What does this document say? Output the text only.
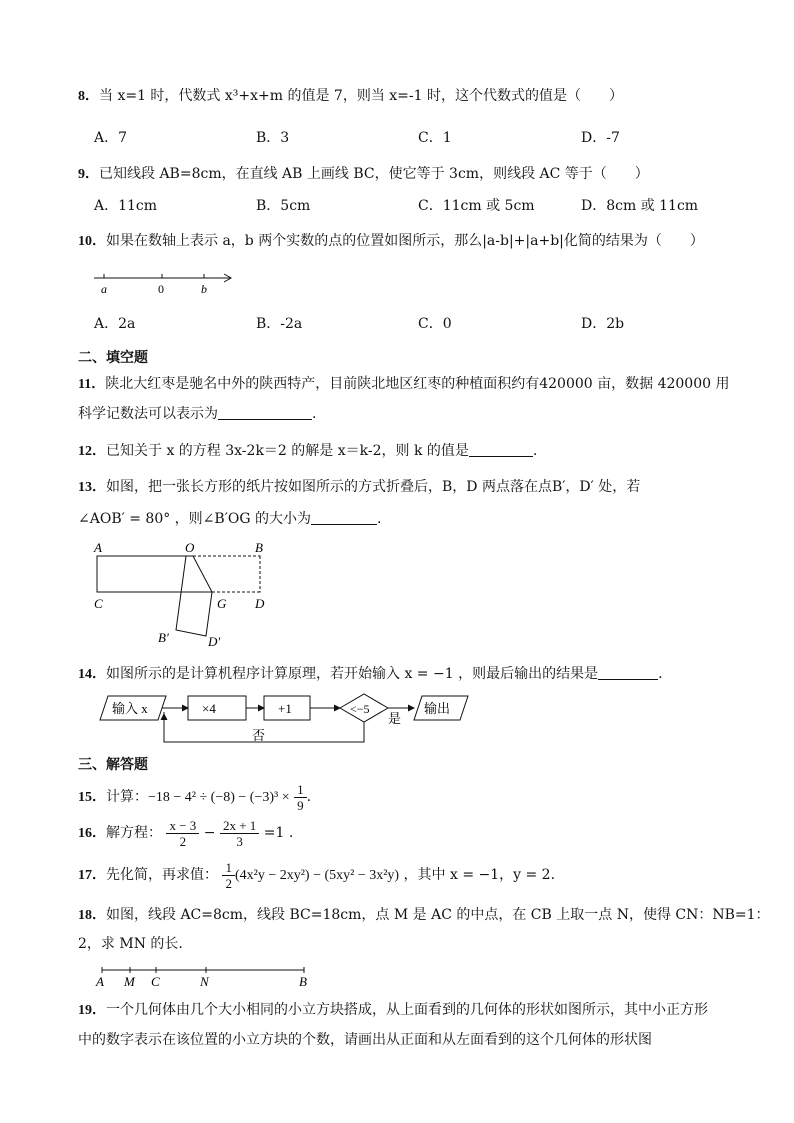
8．当 x=1 时，代数式 x³+x+m 的值是 7，则当 x=-1 时，这个代数式的值是（　　）
A．7	B．3	C．1	D．-7
9．已知线段 AB=8cm，在直线 AB 上画线 BC，使它等于 3cm，则线段 AC 等于（　　）
A．11cm	B．5cm	C．11cm 或 5cm	D．8cm 或 11cm
10．如果在数轴上表示 a，b 两个实数的点的位置如图所示，那么|a-b|+|a+b|化简的结果为（　　）
a	0	b
A．2a	B．-2a	C．0	D．2b
二、填空题
11．陕北大红枣是驰名中外的陕西特产，目前陕北地区红枣的种植面积约有420000 亩，数据 420000 用
科学记数法可以表示为	.
12．已知关于 x 的方程 3x-2k＝2 的解是 x＝k-2，则 k 的值是	.
13．如图，把一张长方形的纸片按如图所示的方式折叠后，B，D 两点落在点B′，D′ 处，若
∠AOB′ = 80° ，则∠B′OG 的大小为	.
A	O	B
C	G D
B′	D′
14．如图所示的是计算机程序计算原理，若开始输入 x = −1 ，则最后输出的结果是	.
输入 x	×4	+1	<−5
是
输出
否
三、解答题
15．计算：$-18 - 4^2 \div (-8) - (-3)^3 \times \frac{1}{9}$ .
16．解方程： $\frac{x - 3}{2} - \frac{2x + 1}{3} =1$ .
17．先化简，再求值： $\frac{1}{2} (4x^2y - 2xy^2) - (5xy^2 - 3x^2y)$ ，其中 x = −1，y = 2.
18．如图，线段 AC=8cm，线段 BC=18cm，点 M 是 AC 的中点，在 CB 上取一点 N，使得 CN：NB=1：
2，求 MN 的长.
A M C	N	B
19．一个几何体由几个大小相同的小立方块搭成，从上面看到的几何体的形状如图所示，其中小正方形
中的数字表示在该位置的小立方块的个数，请画出从正面和从左面看到的这个几何体的形状图
